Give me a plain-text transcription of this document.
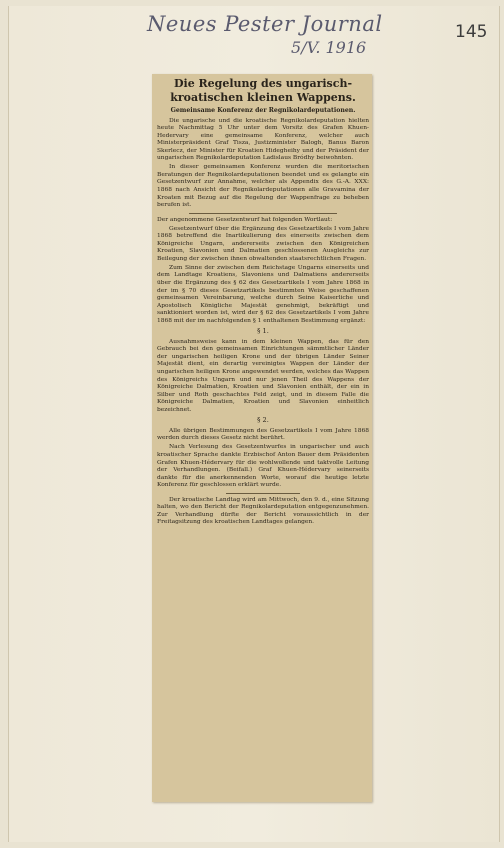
Neues Pester Journal
5/V. 1916
145
Die Regelung des ungarisch-kroatischen kleinen Wappens.
Gemeinsame Konferenz der Regnikolardeputationen.

Die ungarische und die kroatische Regnikolardeputation hielten heute Nachmittag 5 Uhr unter dem Vorsitz des Grafen Khuen-Hedervary eine gemeinsame Konferenz, welcher auch Ministerpräsident Graf Tisza, Justizminister Balogh, Banus Baron Skerlecz, der Minister für Kroatien Hidegheihy und der Präsident der ungarischen Regnikolardeputation Ladislaus Bródhy beiwohnten.

In dieser gemeinsamen Konferenz wurden die meritorischen Beratungen der Regnikolardeputationen beendet und es gelangte ein Gesetzentwurf zur Annahme, welcher als Appendix des G.-A. XXX: 1868 nach Ansicht der Regnikolardeputationen alle Gravamina der Kroaten mit Bezug auf die Regelung der Wappenfrage zu beheben berufen ist.

Der angenommene Gesetzentwurf hat folgenden Wortlaut:

Gesetzentwurf über die Ergänzung des Gesetzartikels I vom Jahre 1868 betreffend die Inartikulierung des einerseits zwischen dem Königreiche Ungarn, andererseits zwischen den Königreichen Kroatien, Slavonien und Dalmatien geschlossenen Ausgleichs zur Beilegung der zwischen ihnen obwaltenden staatsrechtlichen Fragen.

Zum Sinne der zwischen dem Reichstage Ungarns einerseits und dem Landtage Kroatiens, Slavoniens und Dalmatiens andererseits über die Ergänzung des § 62 des Gesetzartikels I vom Jahre 1868 in der im § 70 dieses Gesetzartikels bestimmten Weise geschaffenen gemeinsamen Vereinbarung, welche durch Seine Kaiserliche und Apostolisch Königliche Majestät genehmigt, bekräftigt und sanktioniert worden ist, wird der § 62 des Gesetzartikels I vom Jahre 1868 mit der im nachfolgenden § 1 enthaltenen Bestimmung ergänzt:

§ 1.

Ausnahmsweise kann in dem kleinen Wappen, das für den Gebrauch bei den gemeinsamen Einrichtungen sämmtlicher Länder der ungarischen heiligen Krone und der übrigen Länder Seiner Majestät dient, ein derartig vereinigtes Wappen der Länder der ungarischen heiligen Krone angewendet werden, welches das Wappen des Königreichs Ungarn und nur jenen Theil des Wappens der Königreiche Dalmatien, Kroatien und Slavonien enthält, der ein in Silber und Roth geschachtes Feld zeigt, und in diesem Falle die Königreiche Dalmatien, Kroatien und Slavonien einheitlich bezeichnet.

§ 2.

Alle übrigen Bestimmungen des Gesetzartikels I vom Jahre 1868 werden durch dieses Gesetz nicht berührt.

Nach Verlesung des Gesetzentwurfes in ungarischer und auch kroatischer Sprache dankte Erzbischof Anton Bauer dem Präsidenten Grafen Khuen-Hédervary für die wohlwollende und taktvolle Leitung der Verhandlungen. (Beifall.) Graf Khuen-Hédervary seinerseits dankte für die anerkennenden Worte, worauf die heutige letzte Konferenz für geschlossen erklärt wurde.

Der kroatische Landtag wird am Mittwoch, den 9. d., eine Sitzung halten, wo den Bericht der Regnikolardeputation entgegenzunehmen. Zur Verhandlung dürfte der Bericht voraussichtlich in der Freitagsitzung des kroatischen Landtages gelangen.
